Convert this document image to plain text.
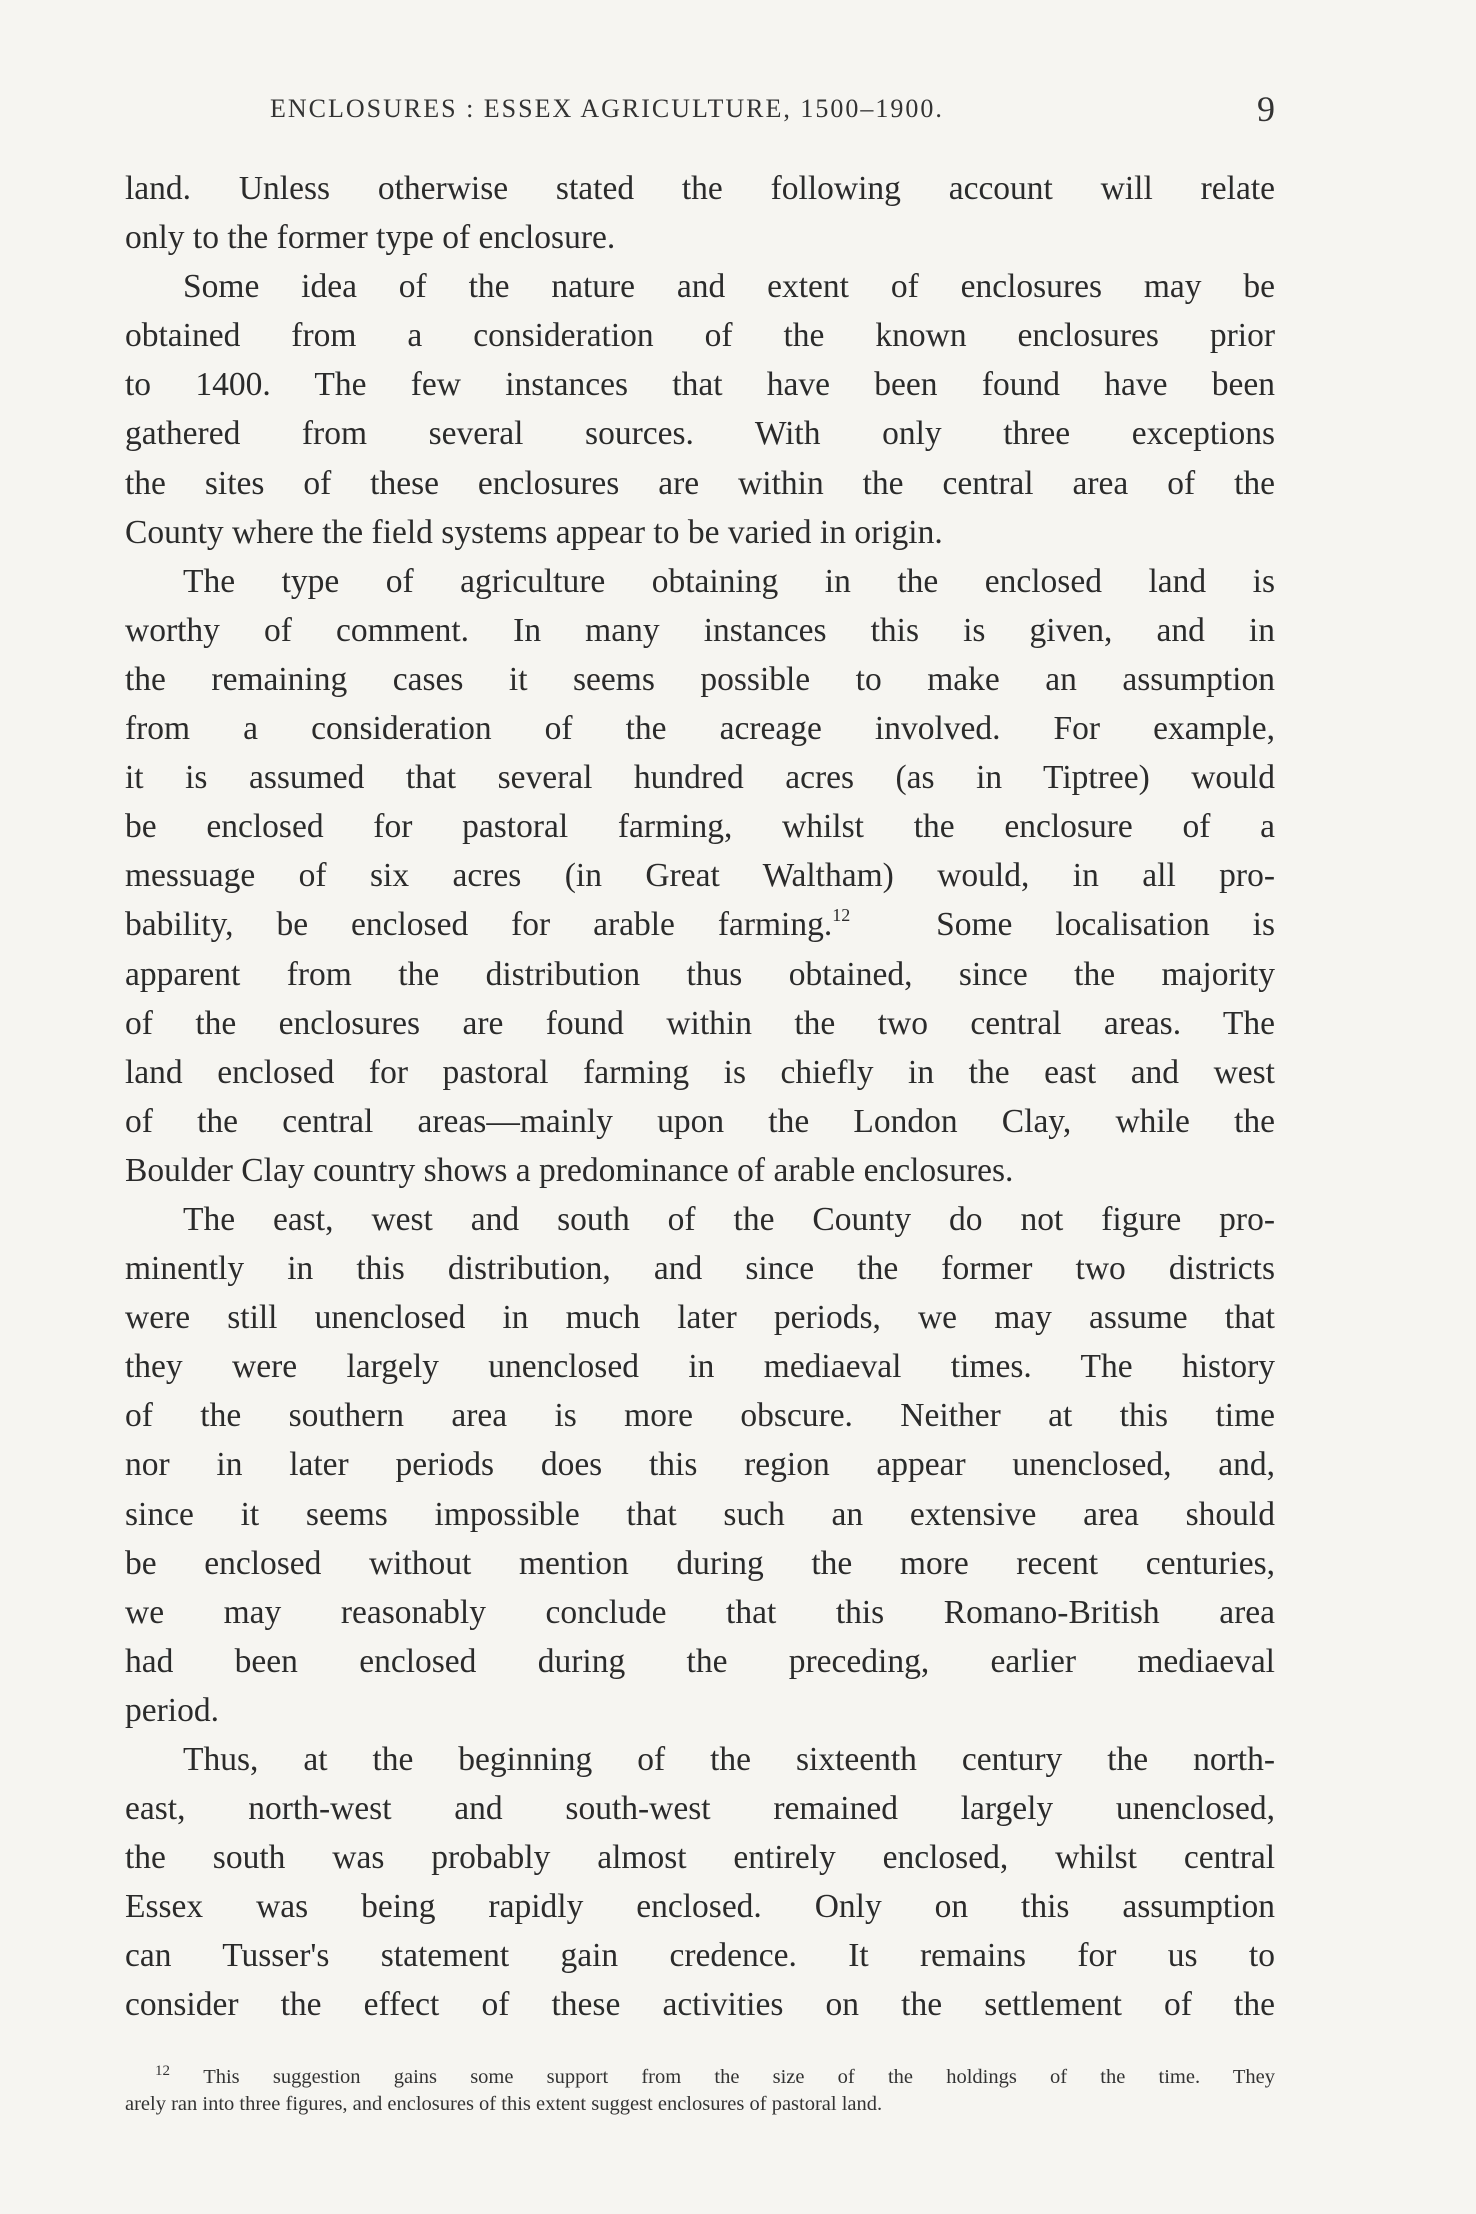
ENCLOSURES : ESSEX AGRICULTURE, 1500–1900.	9
land. Unless otherwise stated the following account will relate
only to the former type of enclosure.
Some idea of the nature and extent of enclosures may be
obtained from a consideration of the known enclosures prior
to 1400. The few instances that have been found have been
gathered from several sources. With only three exceptions
the sites of these enclosures are within the central area of the
County where the field systems appear to be varied in origin.
The type of agriculture obtaining in the enclosed land is
worthy of comment. In many instances this is given, and in
the remaining cases it seems possible to make an assumption
from a consideration of the acreage involved. For example,
it is assumed that several hundred acres (as in Tiptree) would
be enclosed for pastoral farming, whilst the enclosure of a
messuage of six acres (in Great Waltham) would, in all pro-
bability, be enclosed for arable farming.$^{12}$	Some localisation is
apparent from the distribution thus obtained, since the majority
of the enclosures are found within the two central areas. The
land enclosed for pastoral farming is chiefly in the east and west
of the central areas—mainly upon the London Clay, while the
Boulder Clay country shows a predominance of arable enclosures.
The east, west and south of the County do not figure pro-
minently in this distribution, and since the former two districts
were still unenclosed in much later periods, we may assume that
they were largely unenclosed in mediaeval times. The history
of the southern area is more obscure. Neither at this time
nor in later periods does this region appear unenclosed, and,
since it seems impossible that such an extensive area should
be enclosed without mention during the more recent centuries,
we may reasonably conclude that this Romano-British area
had been enclosed during the preceding, earlier mediaeval
period.
Thus, at the beginning of the sixteenth century the north-
east, north-west and south-west remained largely unenclosed,
the south was probably almost entirely enclosed, whilst central
Essex was being rapidly enclosed. Only on this assumption
can Tusser's statement gain credence. It remains for us to
consider the effect of these activities on the settlement of the
$^{12}$ This suggestion gains some support from the size of the holdings of the time. They
arely ran into three figures, and enclosures of this extent suggest enclosures of pastoral land.
